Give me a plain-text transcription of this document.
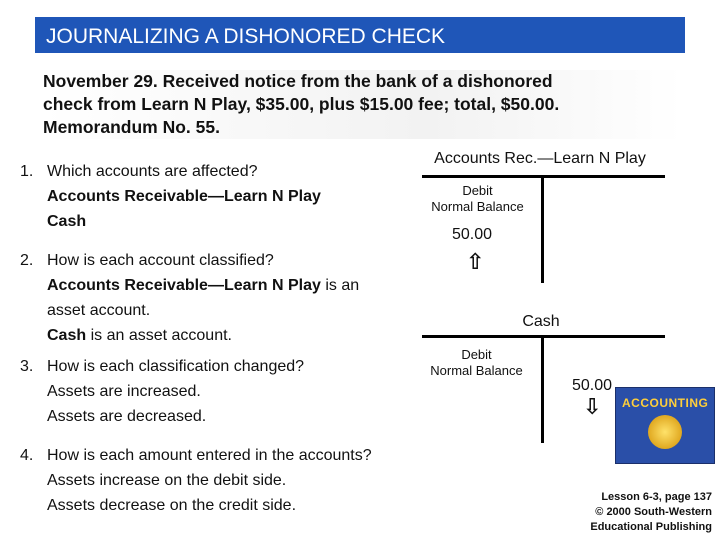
JOURNALIZING A DISHONORED CHECK
November 29. Received notice from the bank of a dishonored
check from Learn N Play, $35.00, plus $15.00 fee; total, $50.00.
Memorandum No. 55.
1. Which accounts are affected?
Accounts Receivable—Learn N Play
Cash
2. How is each account classified?
Accounts Receivable—Learn N Play is an
asset account.
Cash is an asset account.
3. How is each classification changed?
Assets are increased.
Assets are decreased.
4. How is each amount entered in the accounts?
Assets increase on the debit side.
Assets decrease on the credit side.
Accounts Rec.—Learn N Play
Debit
Normal Balance
50.00
⇧
Cash
Debit
Normal Balance
50.00
⇩ ACCOUNTING
Lesson 6-3, page 137
© 2000 South-Western
Educational Publishing
